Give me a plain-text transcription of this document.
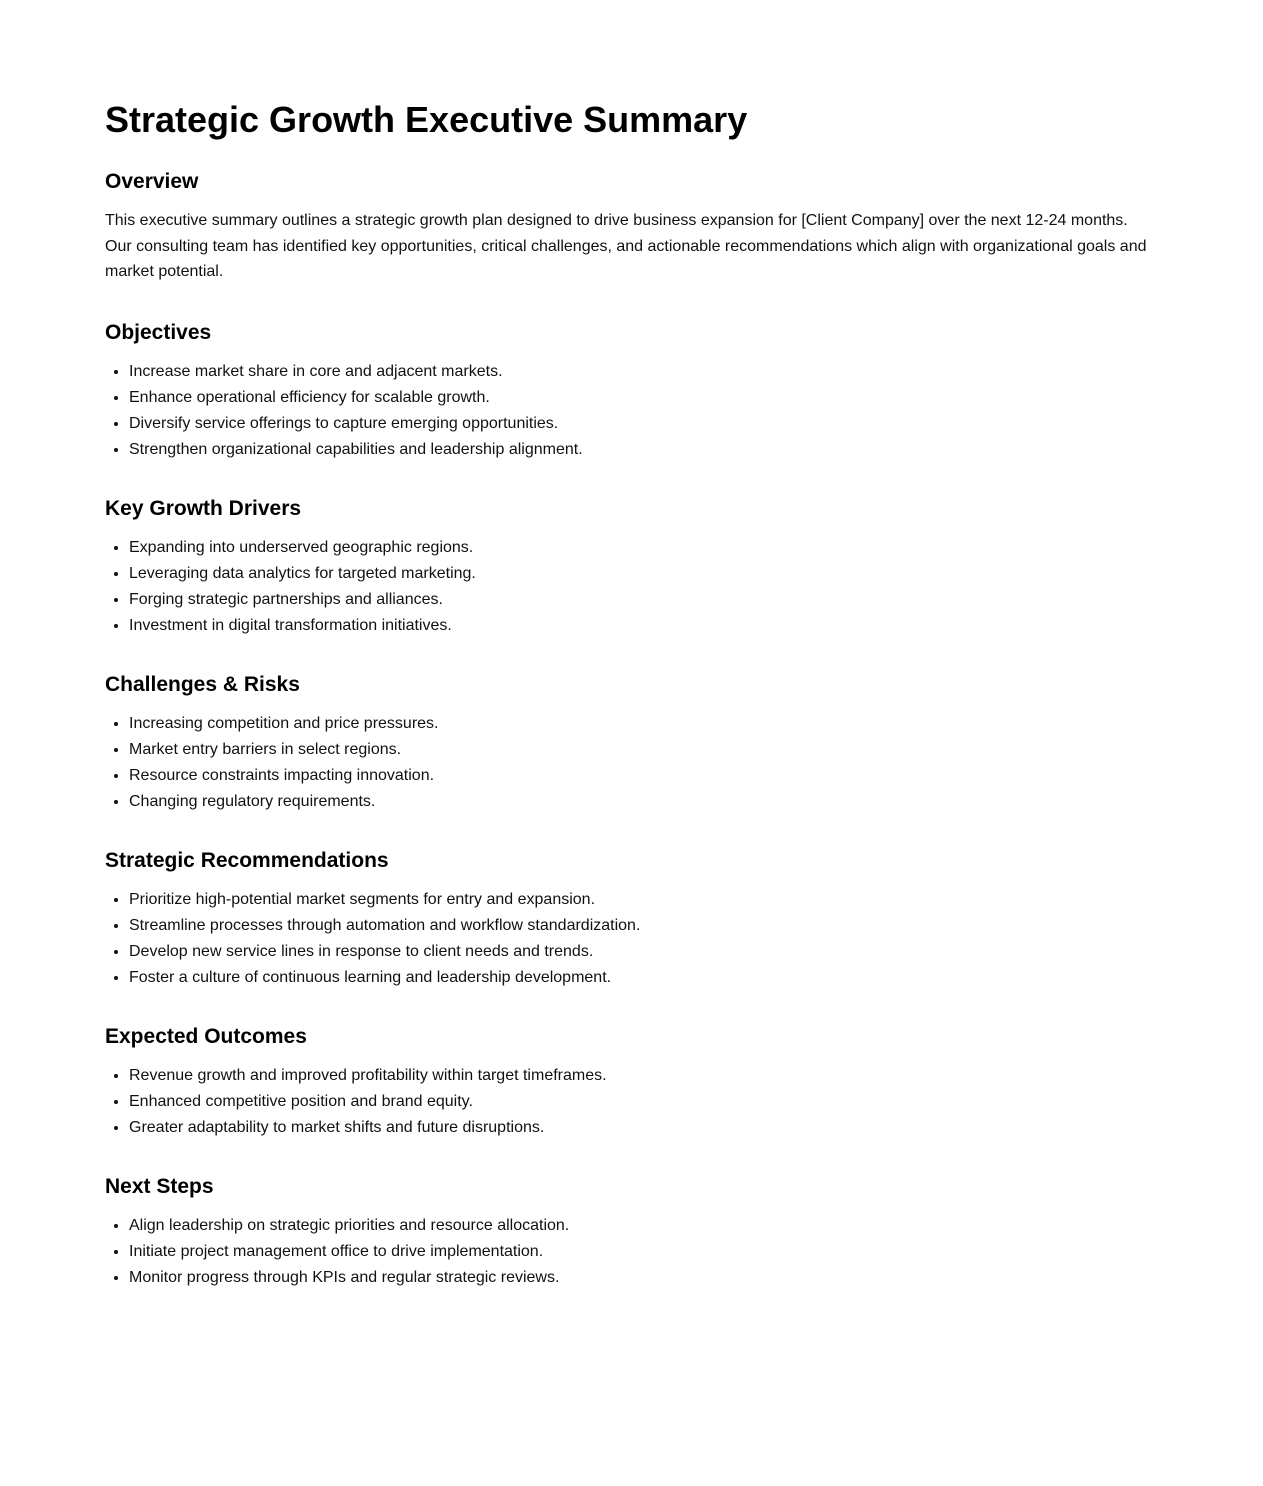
Strategic Growth Executive Summary
Overview

This executive summary outlines a strategic growth plan designed to drive business expansion for [Client Company] over the next 12-24 months. Our consulting team has identified key opportunities, critical challenges, and actionable recommendations which align with organizational goals and market potential.

Objectives
• Increase market share in core and adjacent markets.
• Enhance operational efficiency for scalable growth.
• Diversify service offerings to capture emerging opportunities.
• Strengthen organizational capabilities and leadership alignment.
Key Growth Drivers
• Expanding into underserved geographic regions.
• Leveraging data analytics for targeted marketing.
• Forging strategic partnerships and alliances.
• Investment in digital transformation initiatives.
Challenges & Risks
• Increasing competition and price pressures.
• Market entry barriers in select regions.
• Resource constraints impacting innovation.
• Changing regulatory requirements.
Strategic Recommendations
• Prioritize high-potential market segments for entry and expansion.
• Streamline processes through automation and workflow standardization.
• Develop new service lines in response to client needs and trends.
• Foster a culture of continuous learning and leadership development.
Expected Outcomes
• Revenue growth and improved profitability within target timeframes.
• Enhanced competitive position and brand equity.
• Greater adaptability to market shifts and future disruptions.
Next Steps
• Align leadership on strategic priorities and resource allocation.
• Initiate project management office to drive implementation.
• Monitor progress through KPIs and regular strategic reviews.
